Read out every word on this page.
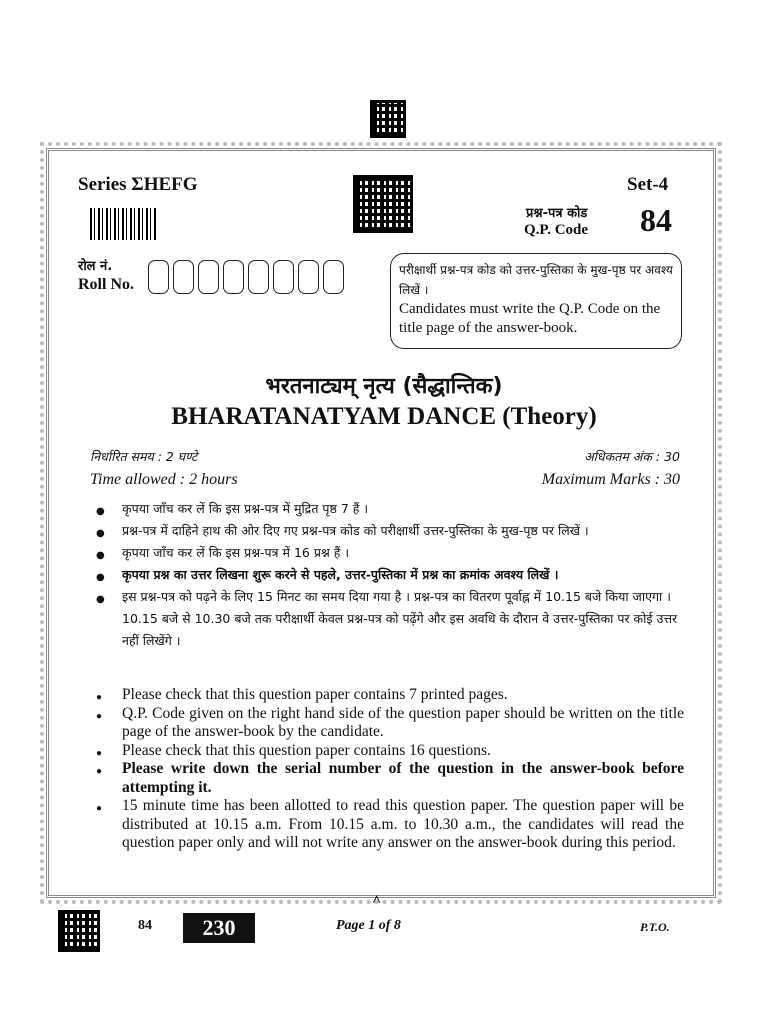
Series ΣHEFG	Set-4
प्रश्न-पत्र कोड
Q.P. Code 84
रोल नं.
Roll No.
परीक्षार्थी प्रश्न-पत्र कोड को उत्तर-पुस्तिका के मुख-पृष्ठ पर अवश्य लिखें ।
Candidates must write the Q.P. Code on the title page of the answer-book.
भरतनाट्यम् नृत्य (सैद्धान्तिक)
BHARATANATYAM DANCE (Theory)
निर्धारित समय : 2 घण्टे	अधिकतम अंक : 30
Time allowed : 2 hours	Maximum Marks : 30
● कृपया जाँच कर लें कि इस प्रश्न-पत्र में मुद्रित पृष्ठ 7 हैं ।
● प्रश्न-पत्र में दाहिने हाथ की ओर दिए गए प्रश्न-पत्र कोड को परीक्षार्थी उत्तर-पुस्तिका के मुख-पृष्ठ पर लिखें ।
● कृपया जाँच कर लें कि इस प्रश्न-पत्र में 16 प्रश्न हैं ।
● कृपया प्रश्न का उत्तर लिखना शुरू करने से पहले, उत्तर-पुस्तिका में प्रश्न का क्रमांक अवश्य लिखें ।
● इस प्रश्न-पत्र को पढ़ने के लिए 15 मिनट का समय दिया गया है । प्रश्न-पत्र का वितरण पूर्वाह्न में 10.15 बजे किया जाएगा । 10.15 बजे से 10.30 बजे तक परीक्षार्थी केवल प्रश्न-पत्र को पढ़ेंगे और इस अवधि के दौरान वे उत्तर-पुस्तिका पर कोई उत्तर नहीं लिखेंगे ।
● Please check that this question paper contains 7 printed pages.
● Q.P. Code given on the right hand side of the question paper should be written on the title page of the answer-book by the candidate.
● Please check that this question paper contains 16 questions.
● Please write down the serial number of the question in the answer-book before attempting it.
● 15 minute time has been allotted to read this question paper. The question paper will be distributed at 10.15 a.m. From 10.15 a.m. to 10.30 a.m., the candidates will read the question paper only and will not write any answer on the answer-book during this period.
^
84	230	Page 1 of 8	P.T.O.
